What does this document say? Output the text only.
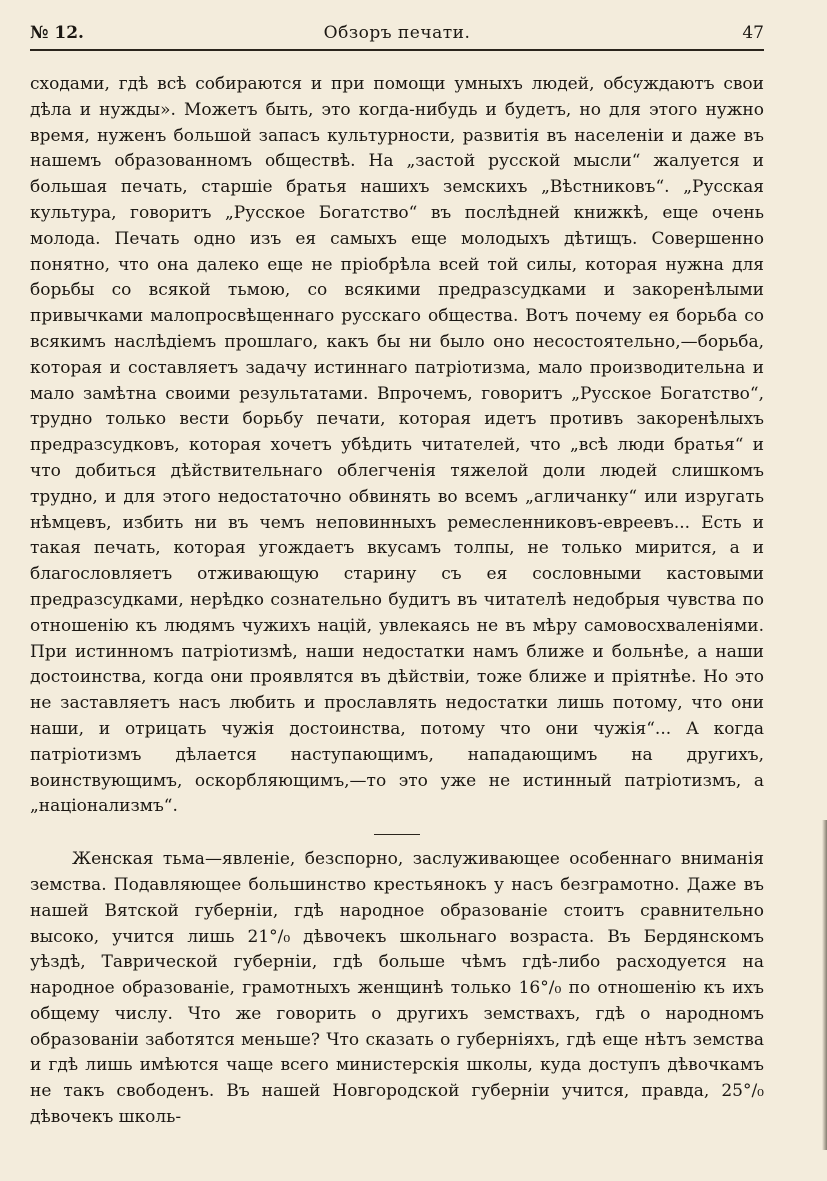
№ 12.	Обзоръ печати.	47

сходами, гдѣ всѣ собираются и при помощи умныхъ людей, обсуждаютъ свои дѣла и нужды». Можетъ быть, это когда-нибудь и будетъ, но для этого нужно время, нуженъ большой запасъ культурности, развитія въ населеніи и даже въ нашемъ образованномъ обществѣ. На „застой русской мысли“ жалуется и большая печать, старшіе братья нашихъ земскихъ „Вѣстниковъ“. „Русская культура, говоритъ „Русское Богатство“ въ послѣдней книжкѣ, еще очень молода. Печать одно изъ ея самыхъ еще молодыхъ дѣтищъ. Совершенно понятно, что она далеко еще не пріобрѣла всей той силы, которая нужна для борьбы со всякой тьмою, со всякими предразсудками и закоренѣлыми привычками малопросвѣщеннаго русскаго общества. Вотъ почему ея борьба со всякимъ наслѣдіемъ прошлаго, какъ бы ни было оно несостоятельно,—борьба, которая и составляетъ задачу истиннаго патріотизма, мало производительна и мало замѣтна своими результатами. Впрочемъ, говоритъ „Русское Богатство“, трудно только вести борьбу печати, которая идетъ противъ закоренѣлыхъ предразсудковъ, которая хочетъ убѣдить читателей, что „всѣ люди братья“ и что добиться дѣйствительнаго облегченія тяжелой доли людей слишкомъ трудно, и для этого недостаточно обвинять во всемъ „агличанку“ или изругать нѣмцевъ, избить ни въ чемъ неповинныхъ ремесленниковъ-евреевъ... Есть и такая печать, которая угождаетъ вкусамъ толпы, не только мирится, а и благословляетъ отживающую старину съ ея сословными кастовыми предразсудками, нерѣдко сознательно будитъ въ читателѣ недобрыя чувства по отношенію къ людямъ чужихъ націй, увлекаясь не въ мѣру самовосхваленіями. При истинномъ патріотизмѣ, наши недостатки намъ ближе и больнѣе, а наши достоинства, когда они проявлятся въ дѣйствіи, тоже ближе и пріятнѣе. Но это не заставляетъ насъ любить и прославлять недостатки лишь потому, что они наши, и отрицать чужія достоинства, потому что они чужія“... А когда патріотизмъ дѣлается наступающимъ, нападающимъ на другихъ, воинствующимъ, оскорбляющимъ,—то это уже не истинный патріотизмъ, а „націонализмъ“.

Женская тьма—явленіе, безспорно, заслуживающее особеннаго вниманія земства. Подавляющее большинство крестьянокъ у насъ безграмотно. Даже въ нашей Вятской губерніи, гдѣ народное образованіе стоитъ сравнительно высоко, учится лишь 21°/₀ дѣвочекъ школьнаго возраста. Въ Бердянскомъ уѣздѣ, Таврической губерніи, гдѣ больше чѣмъ гдѣ-либо расходуется на народное образованіе, грамотныхъ женщинѣ только 16°/₀ по отношенію къ ихъ общему числу. Что же говорить о другихъ земствахъ, гдѣ о народномъ образованіи заботятся меньше? Что сказать о губерніяхъ, гдѣ еще нѣтъ земства и гдѣ лишь имѣются чаще всего министерскія школы, куда доступъ дѣвочкамъ не такъ свободенъ. Въ нашей Новгородской губерніи учится, правда, 25°/₀ дѣвочекъ школь-
